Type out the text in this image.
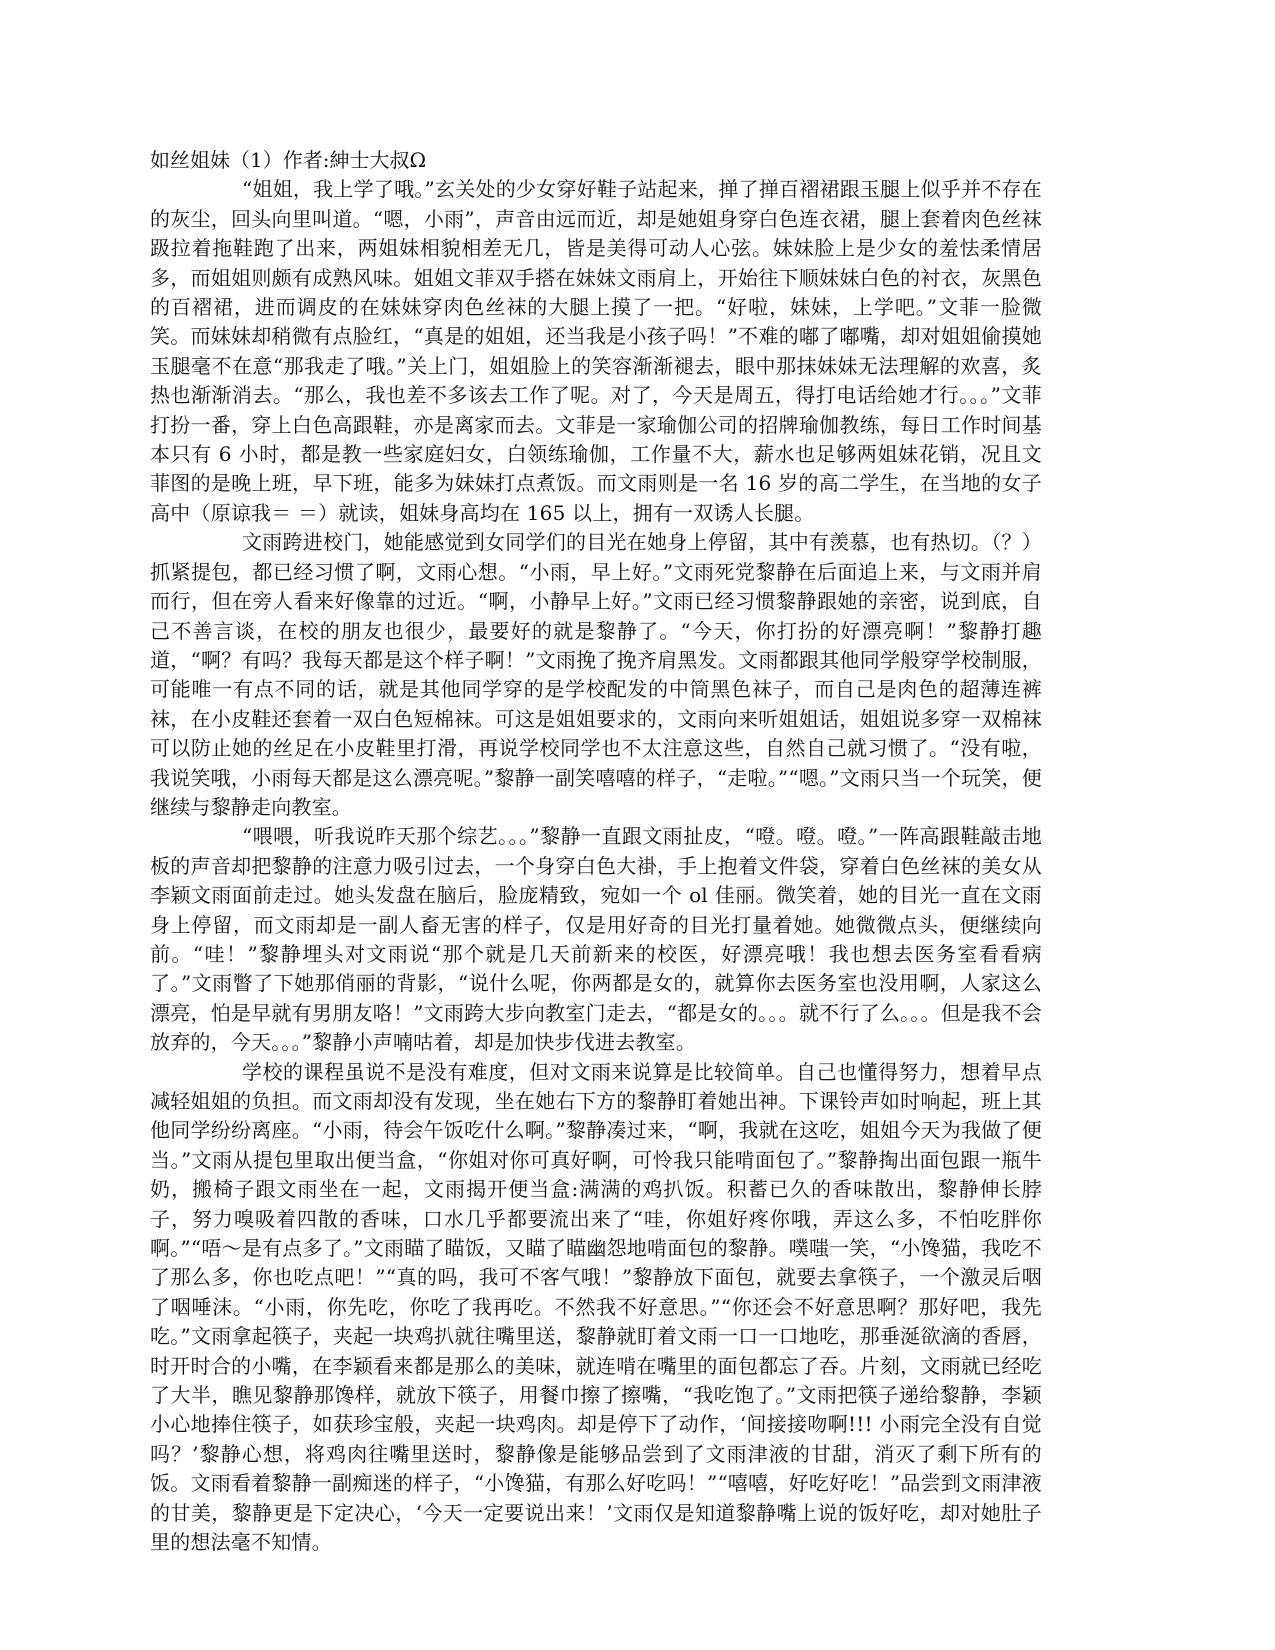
如丝姐妹（1）作者:紳士大叔Ω

“姐姐，我上学了哦。”玄关处的少女穿好鞋子站起来，掸了掸百褶裙跟玉腿上似乎并不存在的灰尘，回头向里叫道。“嗯，小雨”，声音由远而近，却是她姐身穿白色连衣裙，腿上套着肉色丝袜趿拉着拖鞋跑了出来，两姐妹相貌相差无几，皆是美得可动人心弦。妹妹脸上是少女的羞怯柔情居多，而姐姐则颇有成熟风味。姐姐文菲双手搭在妹妹文雨肩上，开始往下顺妹妹白色的衬衣，灰黑色的百褶裙，进而调皮的在妹妹穿肉色丝袜的大腿上摸了一把。“好啦，妹妹，上学吧。”文菲一脸微笑。而妹妹却稍微有点脸红，“真是的姐姐，还当我是小孩子吗！”不难的嘟了嘟嘴，却对姐姐偷摸她玉腿毫不在意“那我走了哦。”关上门，姐姐脸上的笑容渐渐褪去，眼中那抹妹妹无法理解的欢喜，炙热也渐渐消去。“那么，我也差不多该去工作了呢。对了，今天是周五，得打电话给她才行。。。”文菲打扮一番，穿上白色高跟鞋，亦是离家而去。文菲是一家瑜伽公司的招牌瑜伽教练，每日工作时间基本只有 6 小时，都是教一些家庭妇女，白领练瑜伽，工作量不大，薪水也足够两姐妹花销，况且文菲图的是晚上班，早下班，能多为妹妹打点煮饭。而文雨则是一名 16 岁的高二学生，在当地的女子高中（原谅我＝ ＝）就读，姐妹身高均在 165 以上，拥有一双诱人长腿。

文雨跨进校门，她能感觉到女同学们的目光在她身上停留，其中有羡慕，也有热切。（？）抓紧提包，都已经习惯了啊，文雨心想。“小雨，早上好。”文雨死党黎静在后面追上来，与文雨并肩而行，但在旁人看来好像靠的过近。“啊，小静早上好。”文雨已经习惯黎静跟她的亲密，说到底，自己不善言谈，在校的朋友也很少，最要好的就是黎静了。“今天，你打扮的好漂亮啊！”黎静打趣道，“啊？有吗？我每天都是这个样子啊！”文雨挽了挽齐肩黑发。文雨都跟其他同学般穿学校制服，可能唯一有点不同的话，就是其他同学穿的是学校配发的中筒黑色袜子，而自己是肉色的超薄连裤袜，在小皮鞋还套着一双白色短棉袜。可这是姐姐要求的，文雨向来听姐姐话，姐姐说多穿一双棉袜可以防止她的丝足在小皮鞋里打滑，再说学校同学也不太注意这些，自然自己就习惯了。“没有啦，我说笑哦，小雨每天都是这么漂亮呢。”黎静一副笑嘻嘻的样子，“走啦。”“嗯。”文雨只当一个玩笑，便继续与黎静走向教室。

“喂喂，听我说昨天那个综艺。。。”黎静一直跟文雨扯皮，“噔。噔。噔。”一阵高跟鞋敲击地板的声音却把黎静的注意力吸引过去，一个身穿白色大褂，手上抱着文件袋，穿着白色丝袜的美女从李颖文雨面前走过。她头发盘在脑后，脸庞精致，宛如一个 ol 佳丽。微笑着，她的目光一直在文雨身上停留，而文雨却是一副人畜无害的样子，仅是用好奇的目光打量着她。她微微点头，便继续向前。“哇！”黎静埋头对文雨说“那个就是几天前新来的校医，好漂亮哦！我也想去医务室看看病了。”文雨瞥了下她那俏丽的背影，“说什么呢，你两都是女的，就算你去医务室也没用啊，人家这么漂亮，怕是早就有男朋友咯！”文雨跨大步向教室门走去，“都是女的。。。就不行了么。。。但是我不会放弃的，今天。。。”黎静小声喃咕着，却是加快步伐进去教室。

学校的课程虽说不是没有难度，但对文雨来说算是比较简单。自己也懂得努力，想着早点减轻姐姐的负担。而文雨却没有发现，坐在她右下方的黎静盯着她出神。下课铃声如时响起，班上其他同学纷纷离座。“小雨，待会午饭吃什么啊。”黎静凑过来，“啊，我就在这吃，姐姐今天为我做了便当。”文雨从提包里取出便当盒，“你姐对你可真好啊，可怜我只能啃面包了。”黎静掏出面包跟一瓶牛奶，搬椅子跟文雨坐在一起，文雨揭开便当盒:满满的鸡扒饭。积蓄已久的香味散出，黎静伸长脖子，努力嗅吸着四散的香味，口水几乎都要流出来了“哇，你姐好疼你哦，弄这么多，不怕吃胖你啊。”“唔～是有点多了。”文雨瞄了瞄饭，又瞄了瞄幽怨地啃面包的黎静。噗嗤一笑，“小馋猫，我吃不了那么多，你也吃点吧！”“真的吗，我可不客气哦！”黎静放下面包，就要去拿筷子，一个激灵后咽了咽唾沫。“小雨，你先吃，你吃了我再吃。不然我不好意思。”“你还会不好意思啊？那好吧，我先吃。”文雨拿起筷子，夹起一块鸡扒就往嘴里送，黎静就盯着文雨一口一口地吃，那垂涎欲滴的香唇，时开时合的小嘴，在李颖看来都是那么的美味，就连啃在嘴里的面包都忘了吞。片刻，文雨就已经吃了大半，瞧见黎静那馋样，就放下筷子，用餐巾擦了擦嘴，“我吃饱了。”文雨把筷子递给黎静，李颖小心地捧住筷子，如获珍宝般，夹起一块鸡肉。却是停下了动作，‘间接接吻啊!!! 小雨完全没有自觉吗？’黎静心想，将鸡肉往嘴里送时，黎静像是能够品尝到了文雨津液的甘甜，消灭了剩下所有的饭。文雨看着黎静一副痴迷的样子，“小馋猫，有那么好吃吗！”“嘻嘻，好吃好吃！”品尝到文雨津液的甘美，黎静更是下定决心，‘今天一定要说出来！’文雨仅是知道黎静嘴上说的饭好吃，却对她肚子里的想法毫不知情。
